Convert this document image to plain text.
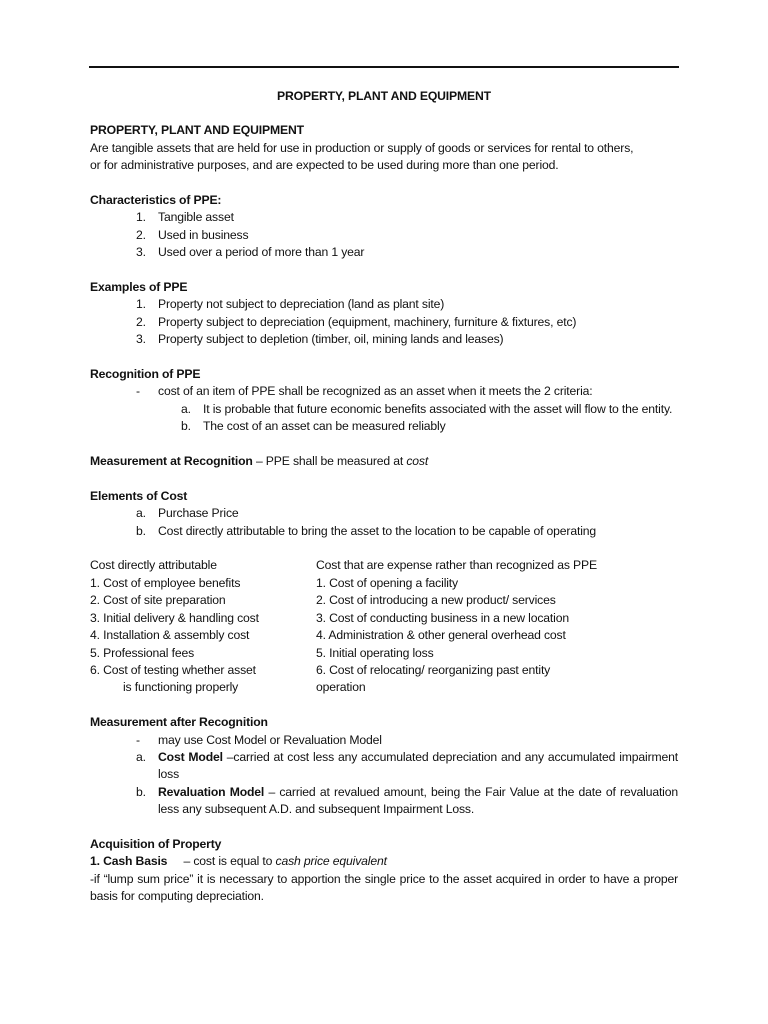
PROPERTY, PLANT AND EQUIPMENT

PROPERTY, PLANT AND EQUIPMENT

Are tangible assets that are held for use in production or supply of goods or services for rental to others,

or for administrative purposes, and are expected to be used during more than one period.

Characteristics of PPE:

1. Tangible asset
2. Used in business
3. Used over a period of more than 1 year

Examples of PPE

1. Property not subject to depreciation (land as plant site)
2. Property subject to depreciation (equipment, machinery, furniture & fixtures, etc)
3. Property subject to depletion (timber, oil, mining lands and leases)

Recognition of PPE

- cost of an item of PPE shall be recognized as an asset when it meets the 2 criteria:
a. It is probable that future economic benefits associated with the asset will flow to the entity.
b. The cost of an asset can be measured reliably

Measurement at Recognition – PPE shall be measured at cost

Elements of Cost

a. Purchase Price
b. Cost directly attributable to bring the asset to the location to be capable of operating
Cost directly attributable
1. Cost of employee benefits
2. Cost of site preparation
3. Initial delivery & handling cost
4. Installation & assembly cost
5. Professional fees
6. Cost of testing whether asset
is functioning properly
Cost that are expense rather than recognized as PPE
1. Cost of opening a facility
2. Cost of introducing a new product/ services
3. Cost of conducting business in a new location
4. Administration & other general overhead cost
5. Initial operating loss
6. Cost of relocating/ reorganizing past entity
operation

Measurement after Recognition

- may use Cost Model or Revaluation Model
a. Cost Model –carried at cost less any accumulated depreciation and any accumulated impairment loss
b. Revaluation Model – carried at revalued amount, being the Fair Value at the date of revaluation less any subsequent A.D. and subsequent Impairment Loss.

Acquisition of Property

1. Cash Basis     – cost is equal to cash price equivalent

-if “lump sum price” it is necessary to apportion the single price to the asset acquired in order to have a proper basis for computing depreciation.
